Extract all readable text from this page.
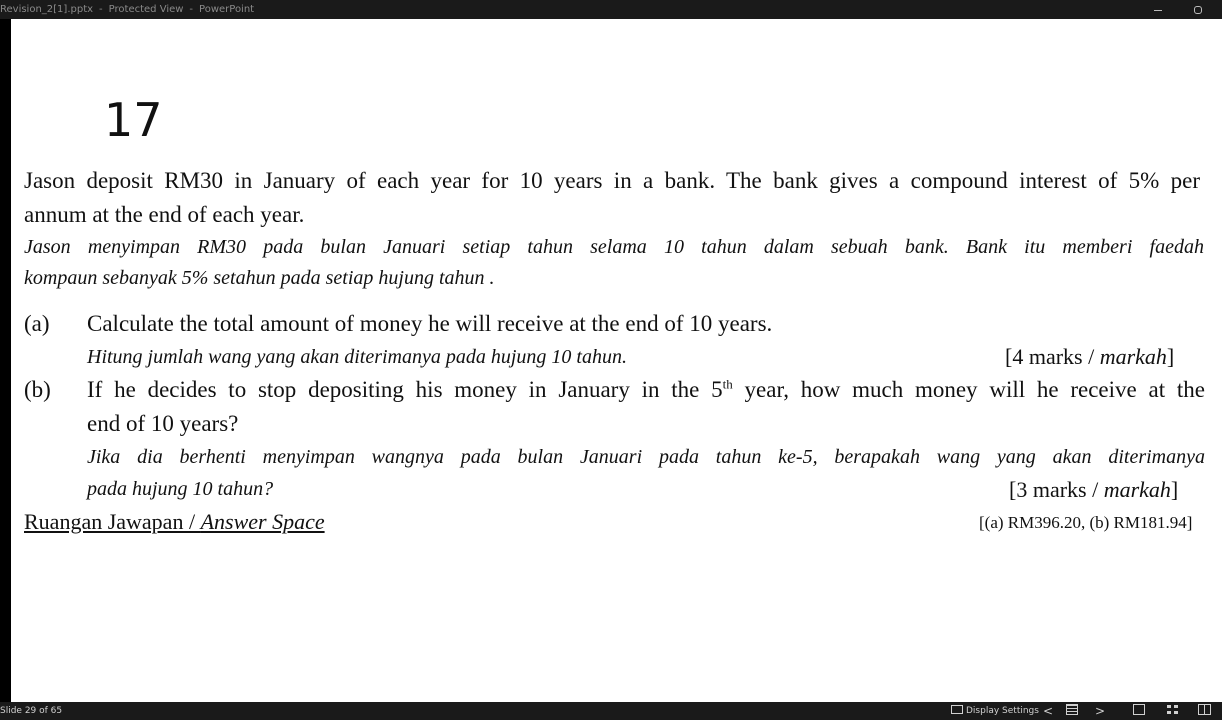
Revision_2[1].pptx - Protected View - PowerPoint
17
Jason deposit RM30 in January of each year for 10 years in a bank. The bank gives a compound interest of 5% per
annum at the end of each year.
Jason menyimpan RM30 pada bulan Januari setiap tahun selama 10 tahun dalam sebuah bank. Bank itu memberi faedah
kompaun sebanyak 5% setahun pada setiap hujung tahun .
(a) Calculate the total amount of money he will receive at the end of 10 years.
Hitung jumlah wang yang akan diterimanya pada hujung 10 tahun.	[4 marks / markah]
(b) If he decides to stop depositing his money in January in the 5th year, how much money will he receive at the
end of 10 years?
Jika dia berhenti menyimpan wangnya pada bulan Januari pada tahun ke-5, berapakah wang yang akan diterimanya
pada hujung 10 tahun?	[3 marks / markah]
Ruangan Jawapan / Answer Space	[(a) RM396.20, (b) RM181.94]
Slide 29 of 65	Display Settings <	>
